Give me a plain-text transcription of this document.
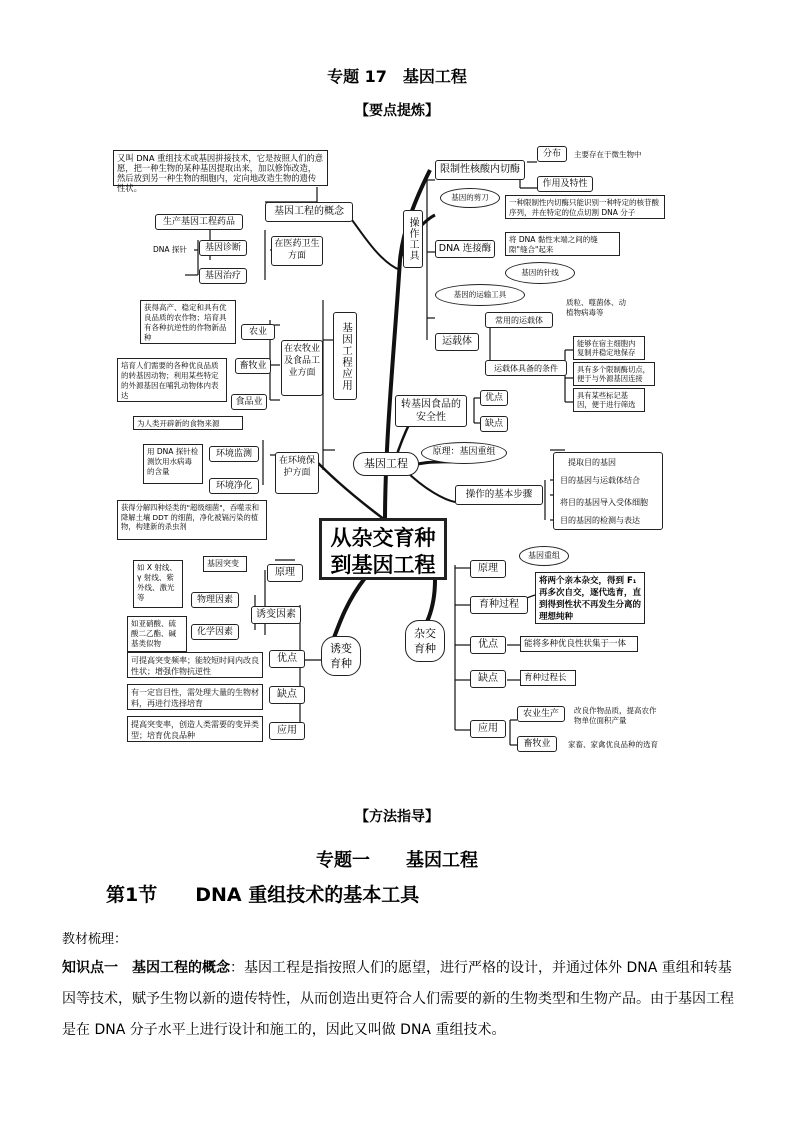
专题 17　基因工程
【要点提炼】
又叫 DNA 重组技术或基因拼接技术，它是按照人们的意愿，把一种生物的某种基因提取出来，加以修饰改造，然后放到另一种生物的细胞内，定向地改造生物的遗传性状。
基因工程的概念
操作工具
限制性核酸内切酶
分布	主要存在于微生物中
作用及特性
基因的剪刀
一种限制性内切酶只能识别一种特定的核苷酸序列，并在特定的位点切割 DNA 分子
DNA 连接酶
将 DNA 黏性末端之间的缝隙"缝合"起来
基因的针线
基因的运输工具
运载体
常用的运载体
质粒、噬菌体、动植物病毒等
运载体具备的条件
能够在宿主细胞内复制并稳定地保存
具有多个限制酶切点，便于与外源基因连接
具有某些标记基因，便于进行筛选
生产基因工程药品
DNA 探针	基因诊断
基因治疗
在医药卫生方面
基因工程应用
获得高产、稳定和具有优良品质的农作物；培育具有各种抗逆性的作物新品种
农业
培育人们需要的各种优良品质的转基因动物；利用某些特定的外源基因在哺乳动物体内表达
畜牧业
食品业
为人类开辟新的食物来源
在农牧业及食品工业方面
用 DNA 探针检测饮用水病毒的含量
环境监测
在环境保护方面
环境净化
获得分解四种烃类的"超级细菌"，吞噬汞和降解土壤 DDT 的细菌，净化被镉污染的植物，构建新的杀虫剂
转基因食品的安全性
优点
缺点
基因工程
原理：基因重组
操作的基本步骤
提取目的基因
目的基因与运载体结合
将目的基因导入受体细胞
目的基因的检测与表达
从杂交育种到基因工程
基因突变
原理
如 X 射线、γ 射线、紫外线、激光等	物理因素
诱变因素
如亚硝酸、硫酸二乙酯、碱基类似物
化学因素
可提高突变频率；能较短时间内改良性状；增强作物抗逆性
优点
诱变育种
有一定盲目性，需处理大量的生物材料，再进行选择培育
缺点
提高突变率，创造人类需要的变异类型；培育优良品种	应用
基因重组
原理
育种过程
将两个亲本杂交，得到 F₁ 再多次自交，逐代选育，直到得到性状不再发生分离的理想纯种
杂交育种	优点	能将多种优良性状集于一体
缺点	育种过程长
应用
农业生产	改良作物品质，提高农作物单位面积产量
畜牧业	家畜、家禽优良品种的选育
【方法指导】
专题一　　基因工程
第1节　　DNA 重组技术的基本工具
教材梳理：
知识点一　基因工程的概念：基因工程是指按照人们的愿望，进行严格的设计，并通过体外 DNA 重组和转基因等技术，赋予生物以新的遗传特性，从而创造出更符合人们需要的新的生物类型和生物产品。由于基因工程是在 DNA 分子水平上进行设计和施工的，因此又叫做 DNA 重组技术。
